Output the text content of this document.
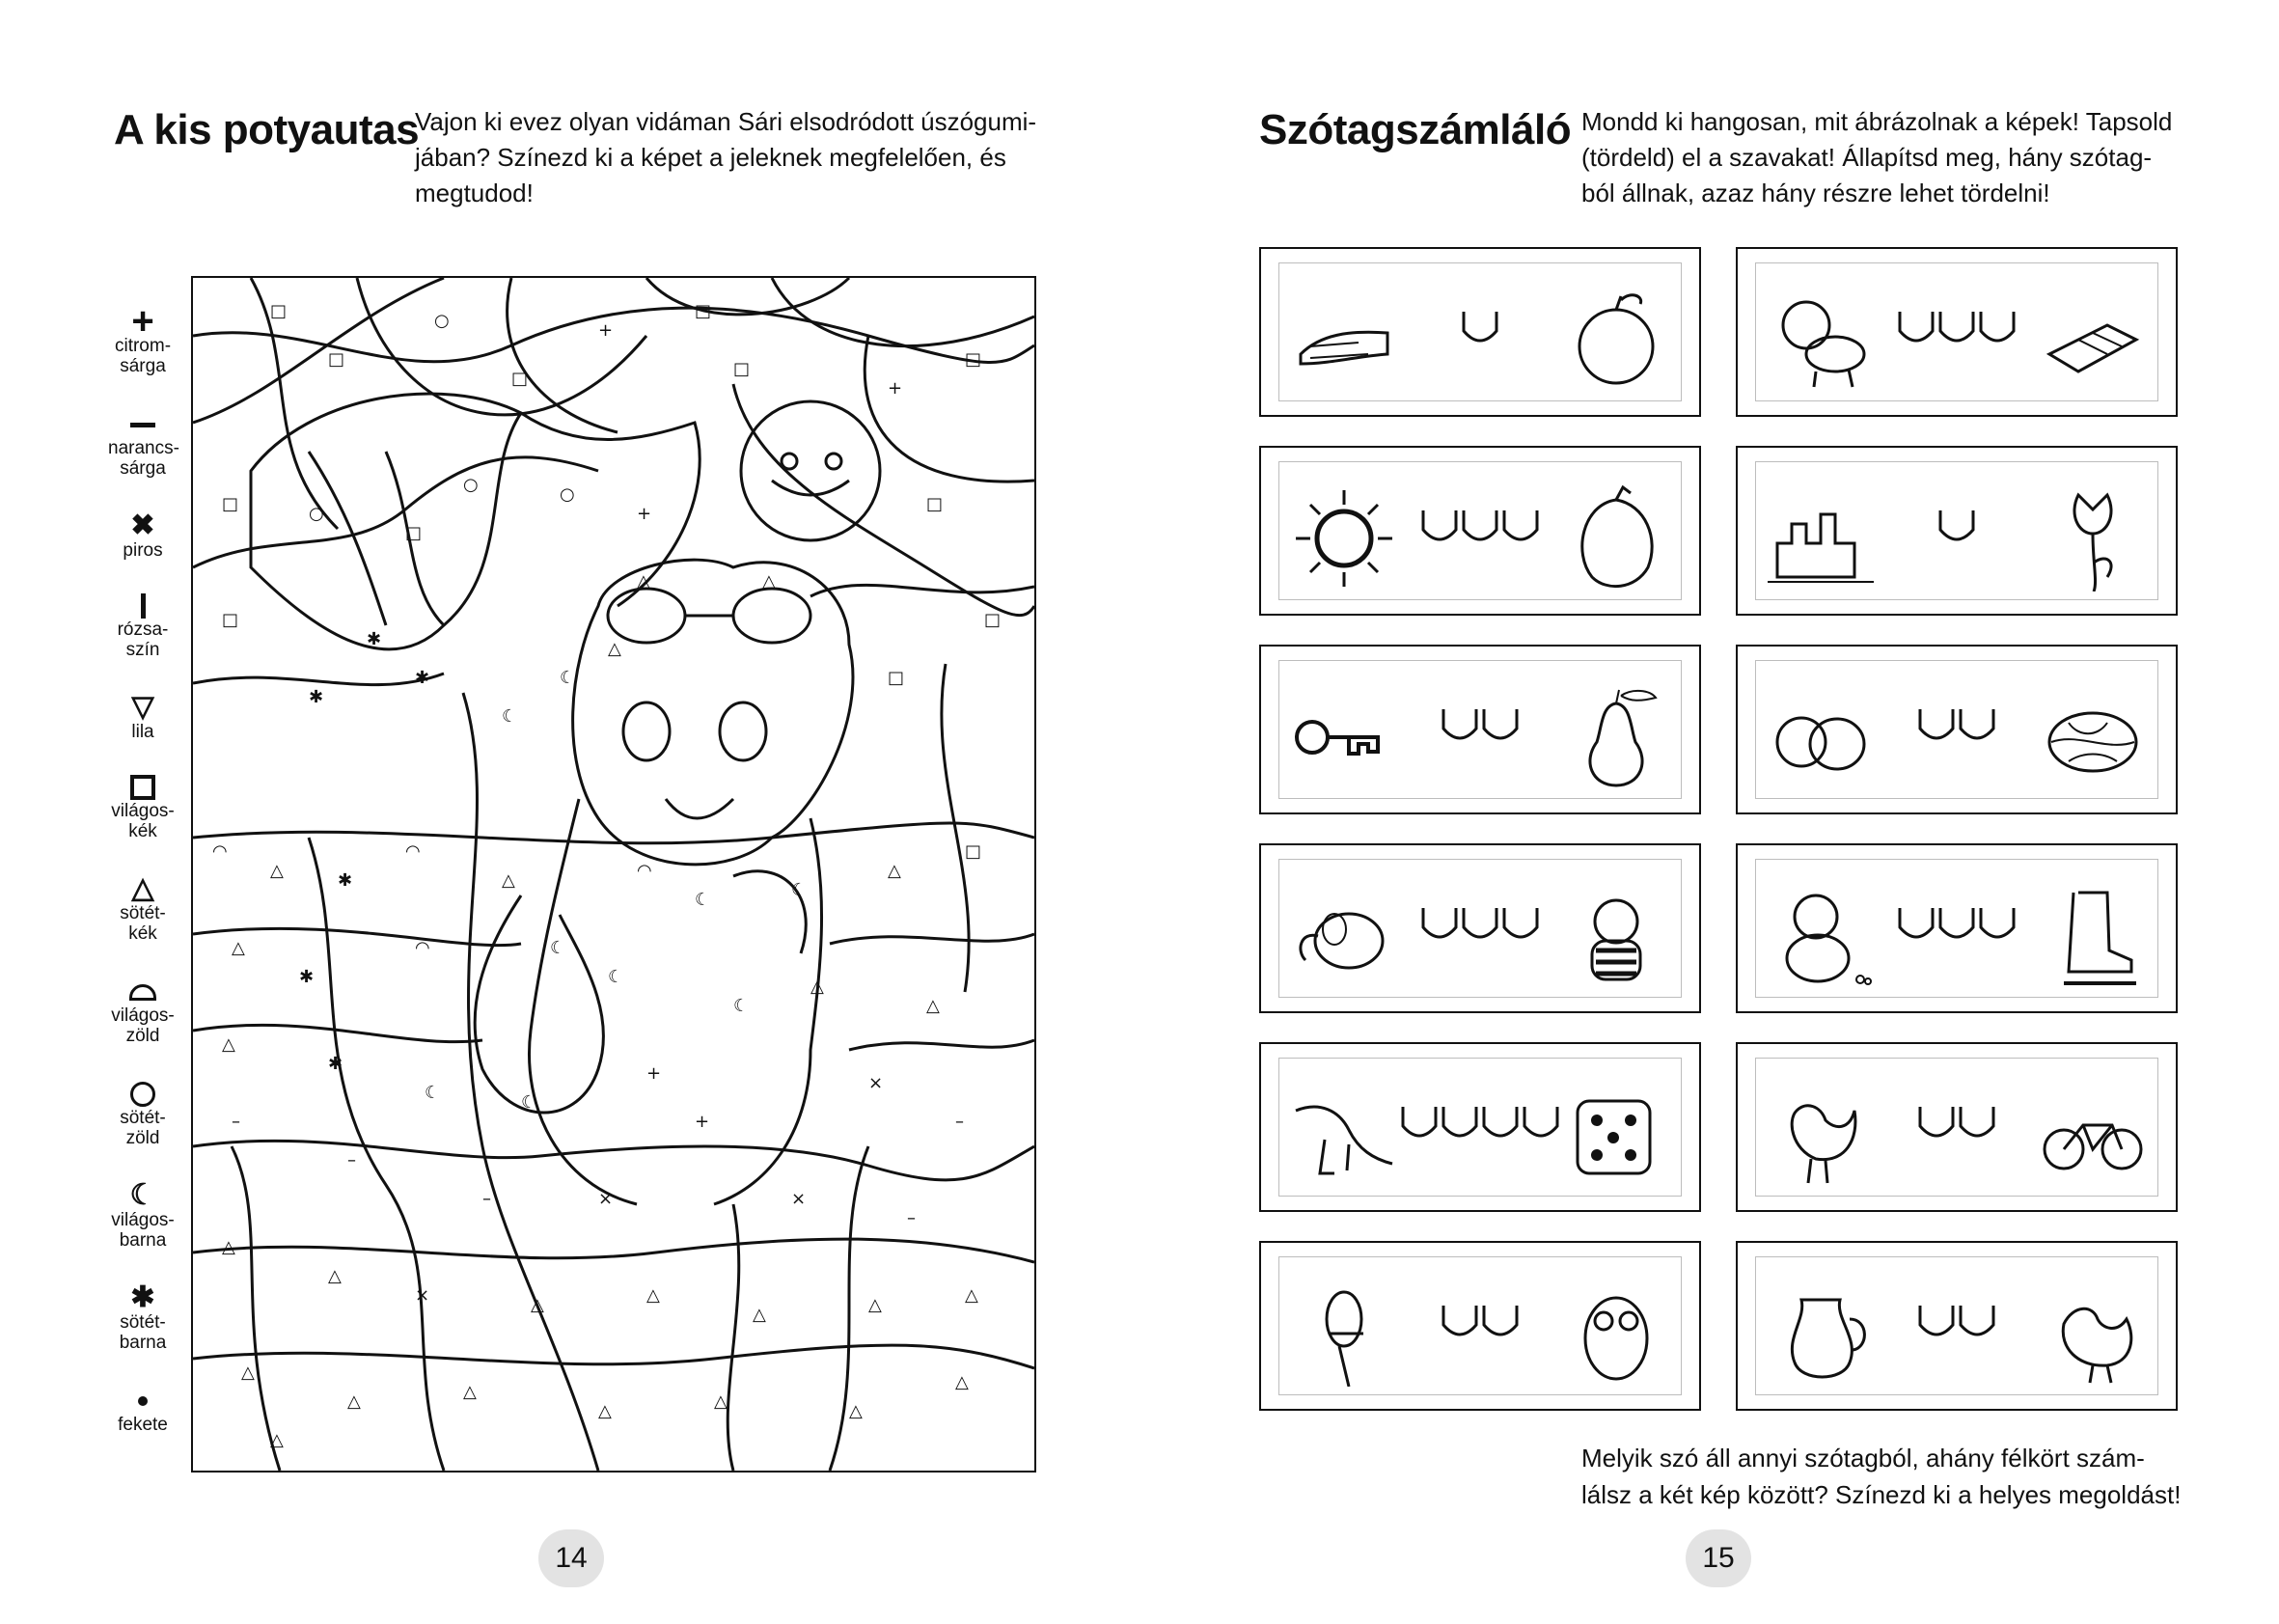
A kis potyautas
Vajon ki evez olyan vidáman Sári elsodródott úszógumi-
jában? Színezd ki a képet a jeleknek megfelelően, és
megtudod!
+
citrom-
sárga
narancs-
sárga
✖
piros
rózsa-
szín
▽
lila
világos-
kék
△
sötét-
kék
világos-
zöld
sötét-
zöld
☾
világos-
barna
✱
sötét-
barna
fekete
□
□
○
□
+
□
□
+
□
□	○
□
○	○
+	□
□
□
✱
✱
✱
☾
☾
△
△	△
□
◠
△	✱
◠
△	◠
☾	☾
△
□
△
✱
◠	☾
☾
☾
△
△
△
✱
☾	☾
+
+
×
–
–
–
–	×	×
–
△
△
×	△	△
△	△	△
△
△	△
△	△	△
△
△
14
Szótagszámláló Mondd ki hangosan, mit ábrázolnak a képek! Tapsold
(tördeld) el a szavakat! Állapítsd meg, hány szótag-
ból állnak, azaz hány részre lehet tördelni!
Melyik szó áll annyi szótagból, ahány félkört szám-
lálsz a két kép között? Színezd ki a helyes megoldást!
15
